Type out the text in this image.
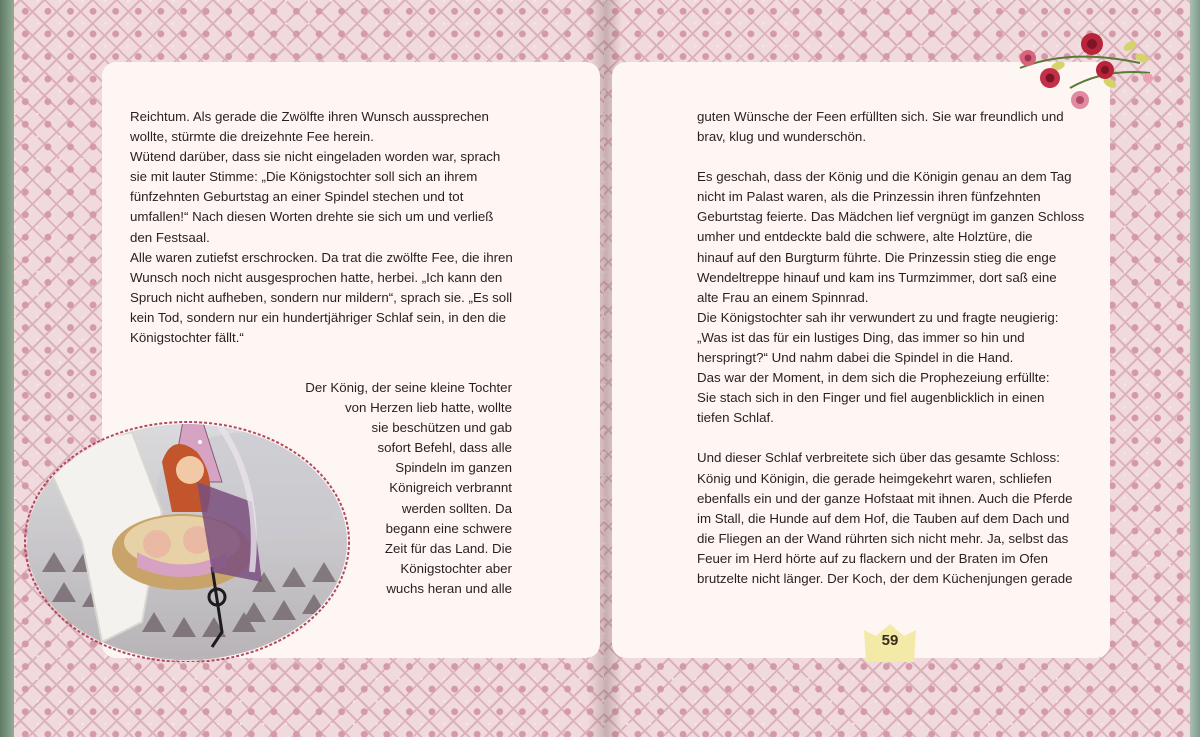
Reichtum. Als gerade die Zwölfte ihren Wunsch aussprechen

wollte, stürmte die dreizehnte Fee herein.

Wütend darüber, dass sie nicht eingeladen worden war, sprach

sie mit lauter Stimme: „Die Königstochter soll sich an ihrem

fünfzehnten Geburtstag an einer Spindel stechen und tot

umfallen!“ Nach diesen Worten drehte sie sich um und verließ

den Festsaal.

Alle waren zutiefst erschrocken. Da trat die zwölfte Fee, die ihren

Wunsch noch nicht ausgesprochen hatte, herbei. „Ich kann den

Spruch nicht aufheben, sondern nur mildern“, sprach sie. „Es soll

kein Tod, sondern nur ein hundertjähriger Schlaf sein, in den die

Königstochter fällt.“

Der König, der seine kleine Tochter

von Herzen lieb hatte, wollte

sie beschützen und gab

sofort Befehl, dass alle

Spindeln im ganzen

Königreich verbrannt

werden sollten. Da

begann eine schwere

Zeit für das Land. Die

Königstochter aber

wuchs heran und alle

guten Wünsche der Feen erfüllten sich. Sie war freundlich und

brav, klug und wunderschön.

Es geschah, dass der König und die Königin genau an dem Tag

nicht im Palast waren, als die Prinzessin ihren fünfzehnten

Geburtstag feierte. Das Mädchen lief vergnügt im ganzen Schloss

umher und entdeckte bald die schwere, alte Holztüre, die

hinauf auf den Burgturm führte. Die Prinzessin stieg die enge

Wendeltreppe hinauf und kam ins Turmzimmer, dort saß eine

alte Frau an einem Spinnrad.

Die Königstochter sah ihr verwundert zu und fragte neugierig:

„Was ist das für ein lustiges Ding, das immer so hin und

herspringt?“ Und nahm dabei die Spindel in die Hand.

Das war der Moment, in dem sich die Prophezeiung erfüllte:

Sie stach sich in den Finger und fiel augenblicklich in einen

tiefen Schlaf.

Und dieser Schlaf verbreitete sich über das gesamte Schloss:

König und Königin, die gerade heimgekehrt waren, schliefen

ebenfalls ein und der ganze Hofstaat mit ihnen. Auch die Pferde

im Stall, die Hunde auf dem Hof, die Tauben auf dem Dach und

die Fliegen an der Wand rührten sich nicht mehr. Ja, selbst das

Feuer im Herd hörte auf zu flackern und der Braten im Ofen

brutzelte nicht länger. Der Koch, der dem Küchenjungen gerade

59
